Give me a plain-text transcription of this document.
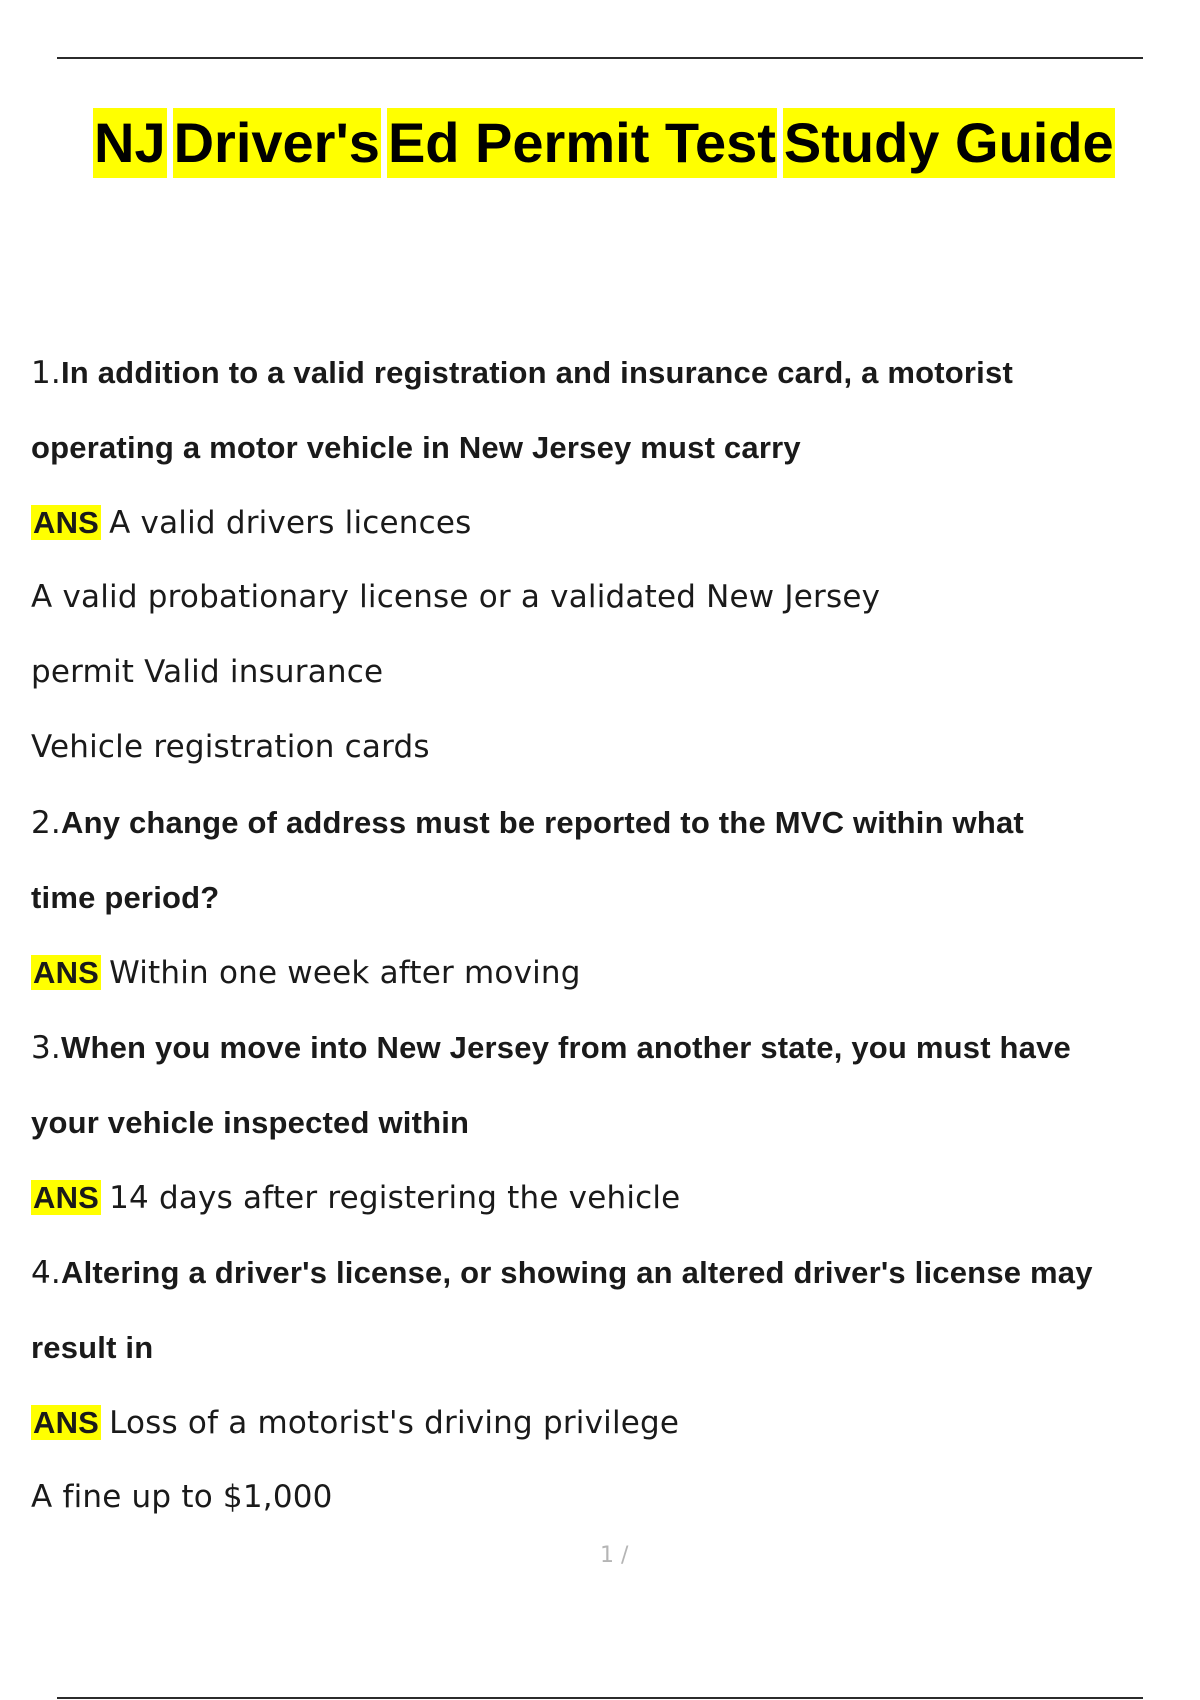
NJ Driver's Ed Permit Test Study Guide
1.In addition to a valid registration and insurance card, a motorist
operating a motor vehicle in New Jersey must carry
ANS A valid drivers licences
A valid probationary license or a validated New Jersey
permit Valid insurance
Vehicle registration cards
2.Any change of address must be reported to the MVC within what
time period?
ANS Within one week after moving
3.When you move into New Jersey from another state, you must have
your vehicle inspected within
ANS 14 days after registering the vehicle
4.Altering a driver's license, or showing an altered driver's license may
result in
ANS Loss of a motorist's driving privilege
A fine up to $1,000
1 /
